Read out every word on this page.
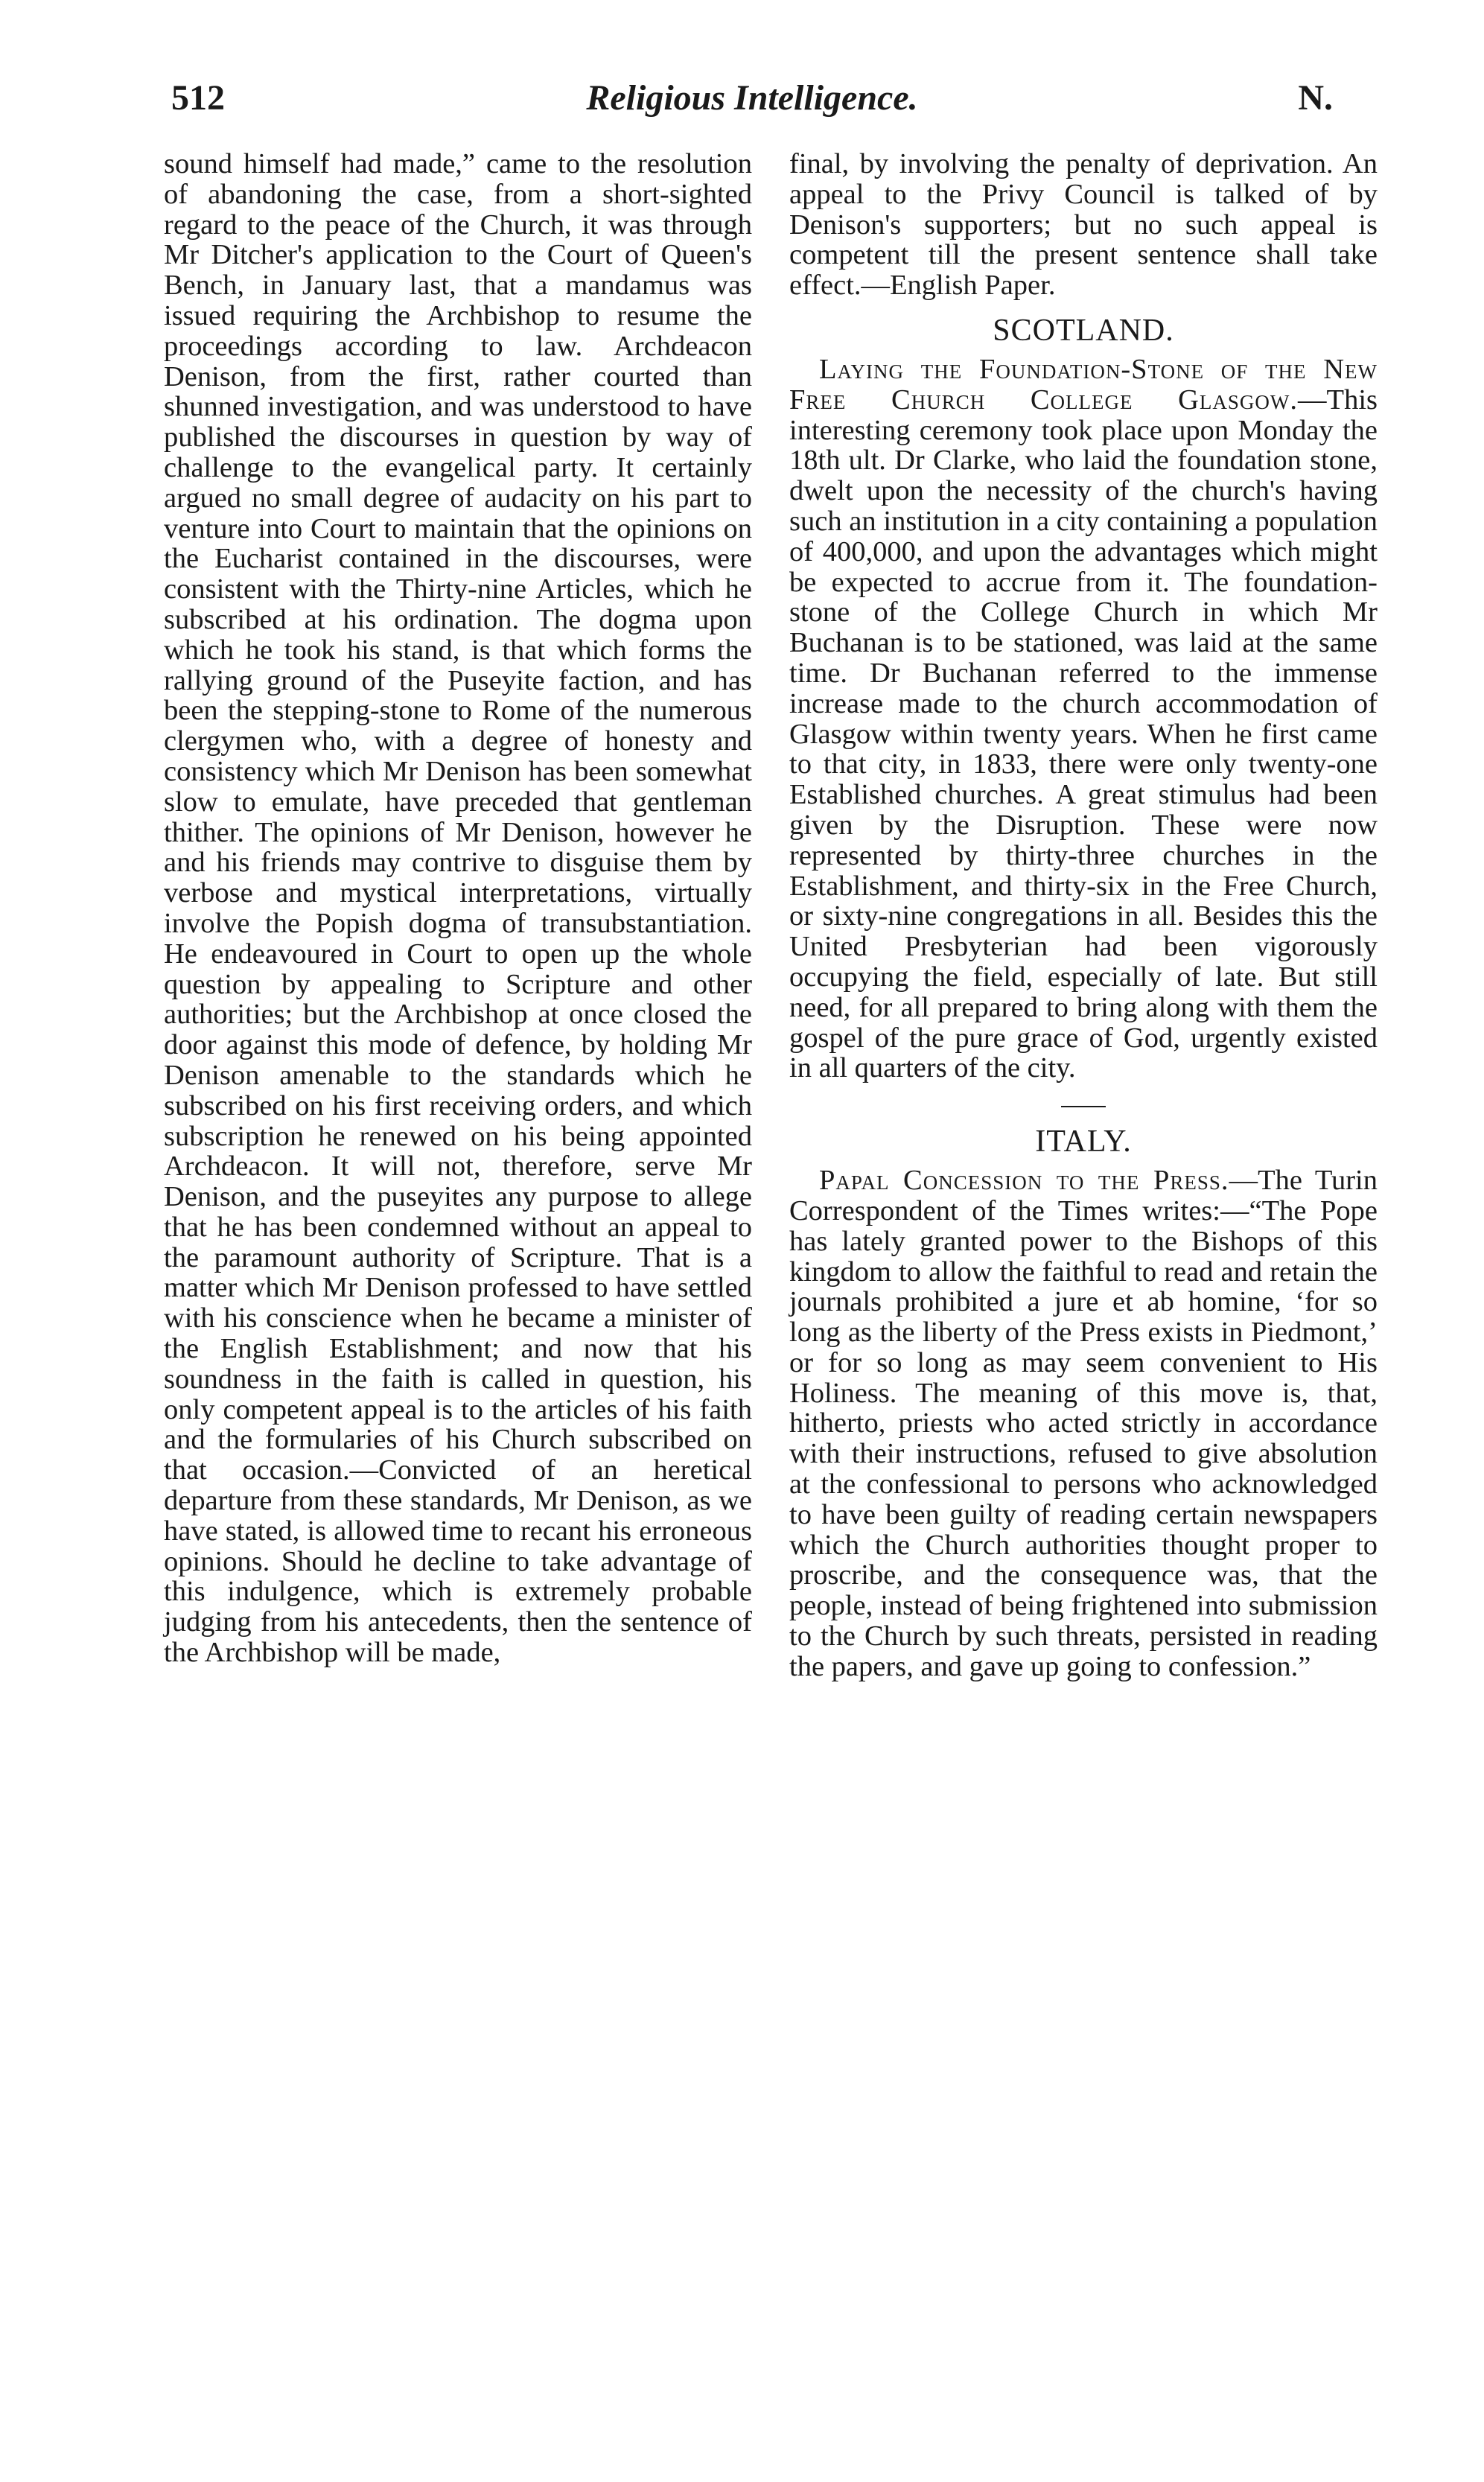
512	Religious Intelligence.	N.

sound himself had made,” came to the resolution of abandoning the case, from a short-sighted regard to the peace of the Church, it was through Mr Ditcher's application to the Court of Queen's Bench, in January last, that a mandamus was issued requiring the Archbishop to resume the proceedings according to law. Archdeacon Denison, from the first, rather courted than shunned investigation, and was understood to have published the discourses in question by way of challenge to the evangelical party. It certainly argued no small degree of audacity on his part to venture into Court to maintain that the opinions on the Eucharist contained in the discourses, were consistent with the Thirty-nine Articles, which he subscribed at his ordination. The dogma upon which he took his stand, is that which forms the rallying ground of the Puseyite faction, and has been the stepping-stone to Rome of the numerous clergymen who, with a degree of honesty and consistency which Mr Denison has been somewhat slow to emulate, have preceded that gentleman thither. The opinions of Mr Denison, however he and his friends may contrive to disguise them by verbose and mystical interpretations, virtually involve the Popish dogma of transubstantiation. He endeavoured in Court to open up the whole question by appealing to Scripture and other authorities; but the Archbishop at once closed the door against this mode of defence, by holding Mr Denison amenable to the standards which he subscribed on his first receiving orders, and which subscription he renewed on his being appointed Archdeacon. It will not, therefore, serve Mr Denison, and the puseyites any purpose to allege that he has been condemned without an appeal to the paramount authority of Scripture. That is a matter which Mr Denison professed to have settled with his conscience when he became a minister of the English Establishment; and now that his soundness in the faith is called in question, his only competent appeal is to the articles of his faith and the formularies of his Church subscribed on that occasion.—Convicted of an heretical departure from these standards, Mr Denison, as we have stated, is allowed time to recant his erroneous opinions. Should he decline to take advantage of this indulgence, which is extremely probable judging from his antecedents, then the sentence of the Archbishop will be made,

final, by involving the penalty of deprivation. An appeal to the Privy Council is talked of by Denison's supporters; but no such appeal is competent till the present sentence shall take effect.—English Paper.

SCOTLAND.

Laying the Foundation-Stone of the New Free Church College Glasgow.—This interesting ceremony took place upon Monday the 18th ult. Dr Clarke, who laid the foundation stone, dwelt upon the necessity of the church's having such an institution in a city containing a population of 400,000, and upon the advantages which might be expected to accrue from it. The foundation-stone of the College Church in which Mr Buchanan is to be stationed, was laid at the same time. Dr Buchanan referred to the immense increase made to the church accommodation of Glasgow within twenty years. When he first came to that city, in 1833, there were only twenty-one Established churches. A great stimulus had been given by the Disruption. These were now represented by thirty-three churches in the Establishment, and thirty-six in the Free Church, or sixty-nine congregations in all. Besides this the United Presbyterian had been vigorously occupying the field, especially of late. But still need, for all prepared to bring along with them the gospel of the pure grace of God, urgently existed in all quarters of the city.

ITALY.

Papal Concession to the Press.—The Turin Correspondent of the Times writes:—“The Pope has lately granted power to the Bishops of this kingdom to allow the faithful to read and retain the journals prohibited a jure et ab homine, ‘for so long as the liberty of the Press exists in Piedmont,’ or for so long as may seem convenient to His Holiness. The meaning of this move is, that, hitherto, priests who acted strictly in accordance with their instructions, refused to give absolution at the confessional to persons who acknowledged to have been guilty of reading certain newspapers which the Church authorities thought proper to proscribe, and the consequence was, that the people, instead of being frightened into submission to the Church by such threats, persisted in reading the papers, and gave up going to confession.”
